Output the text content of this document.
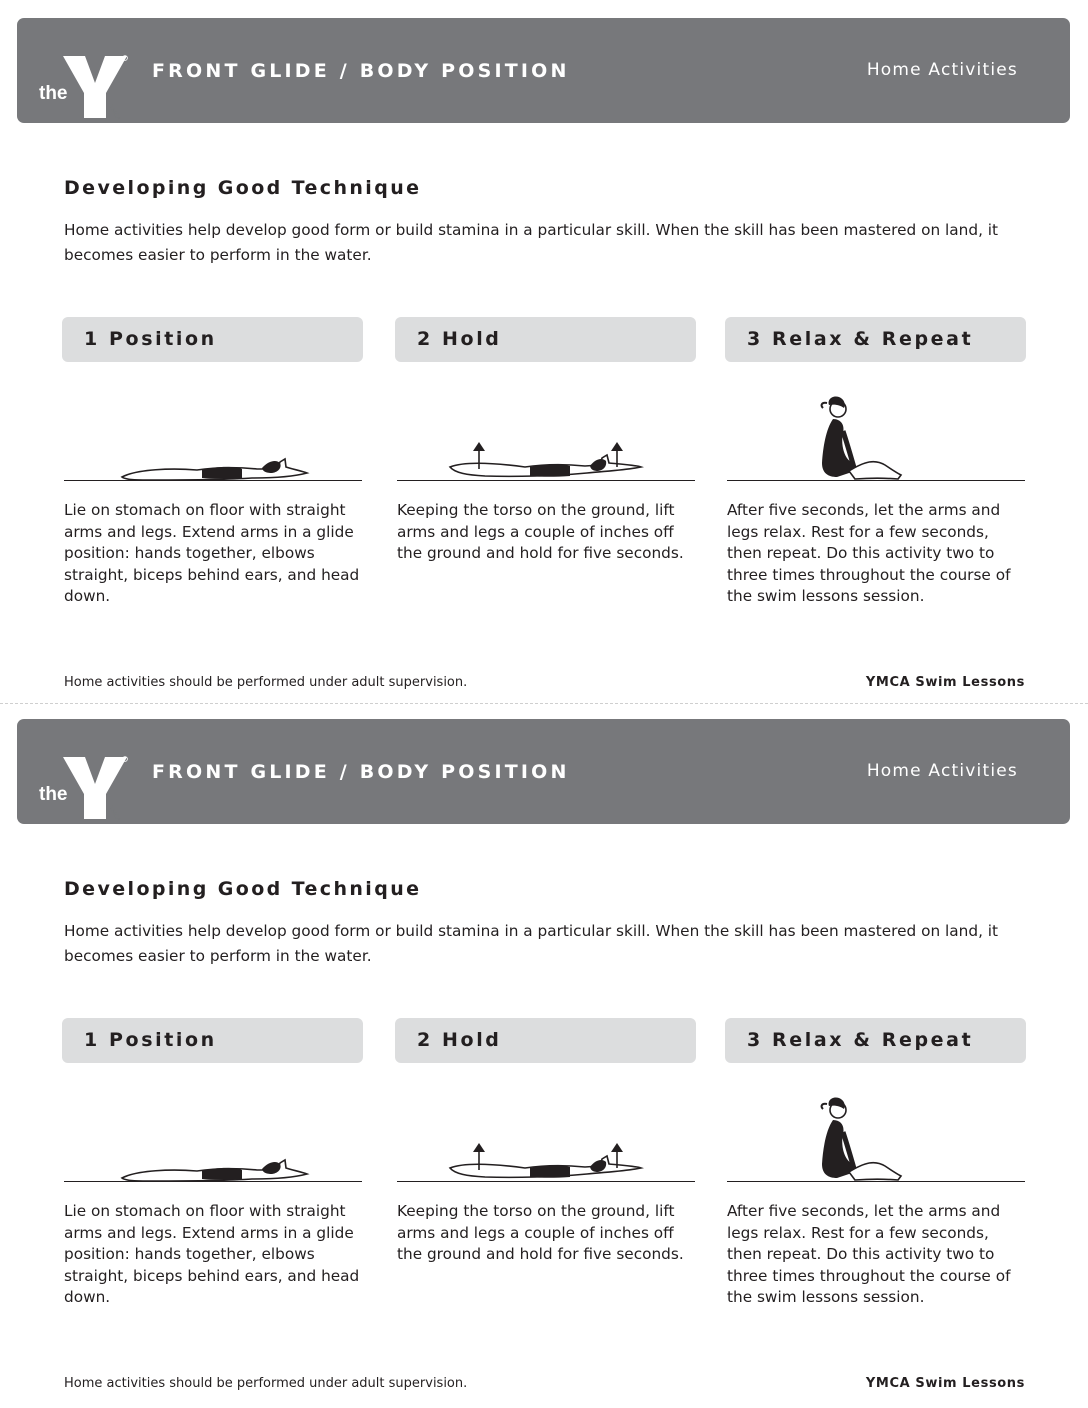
the
YMCA
FRONT GLIDE / BODY POSITION	Home Activities
Developing Good Technique

Home activities help develop good form or build stamina in a particular skill. When the skill has been mastered on land, it becomes easier to perform in the water.

1 Position

Lie on stomach on floor with straight arms and legs. Extend arms in a glide position: hands together, elbows straight, biceps behind ears, and head down.

2 Hold

Keeping the torso on the ground, lift arms and legs a couple of inches off the ground and hold for five seconds.

3 Relax & Repeat

After five seconds, let the arms and legs relax. Rest for a few seconds, then repeat. Do this activity two to three times throughout the course of the swim lessons session.

Home activities should be performed under adult supervision.	YMCA Swim Lessons
the
YMCA
FRONT GLIDE / BODY POSITION	Home Activities
Developing Good Technique

Home activities help develop good form or build stamina in a particular skill. When the skill has been mastered on land, it becomes easier to perform in the water.

1 Position

Lie on stomach on floor with straight arms and legs. Extend arms in a glide position: hands together, elbows straight, biceps behind ears, and head down.

2 Hold

Keeping the torso on the ground, lift arms and legs a couple of inches off the ground and hold for five seconds.

3 Relax & Repeat

After five seconds, let the arms and legs relax. Rest for a few seconds, then repeat. Do this activity two to three times throughout the course of the swim lessons session.

Home activities should be performed under adult supervision.	YMCA Swim Lessons
